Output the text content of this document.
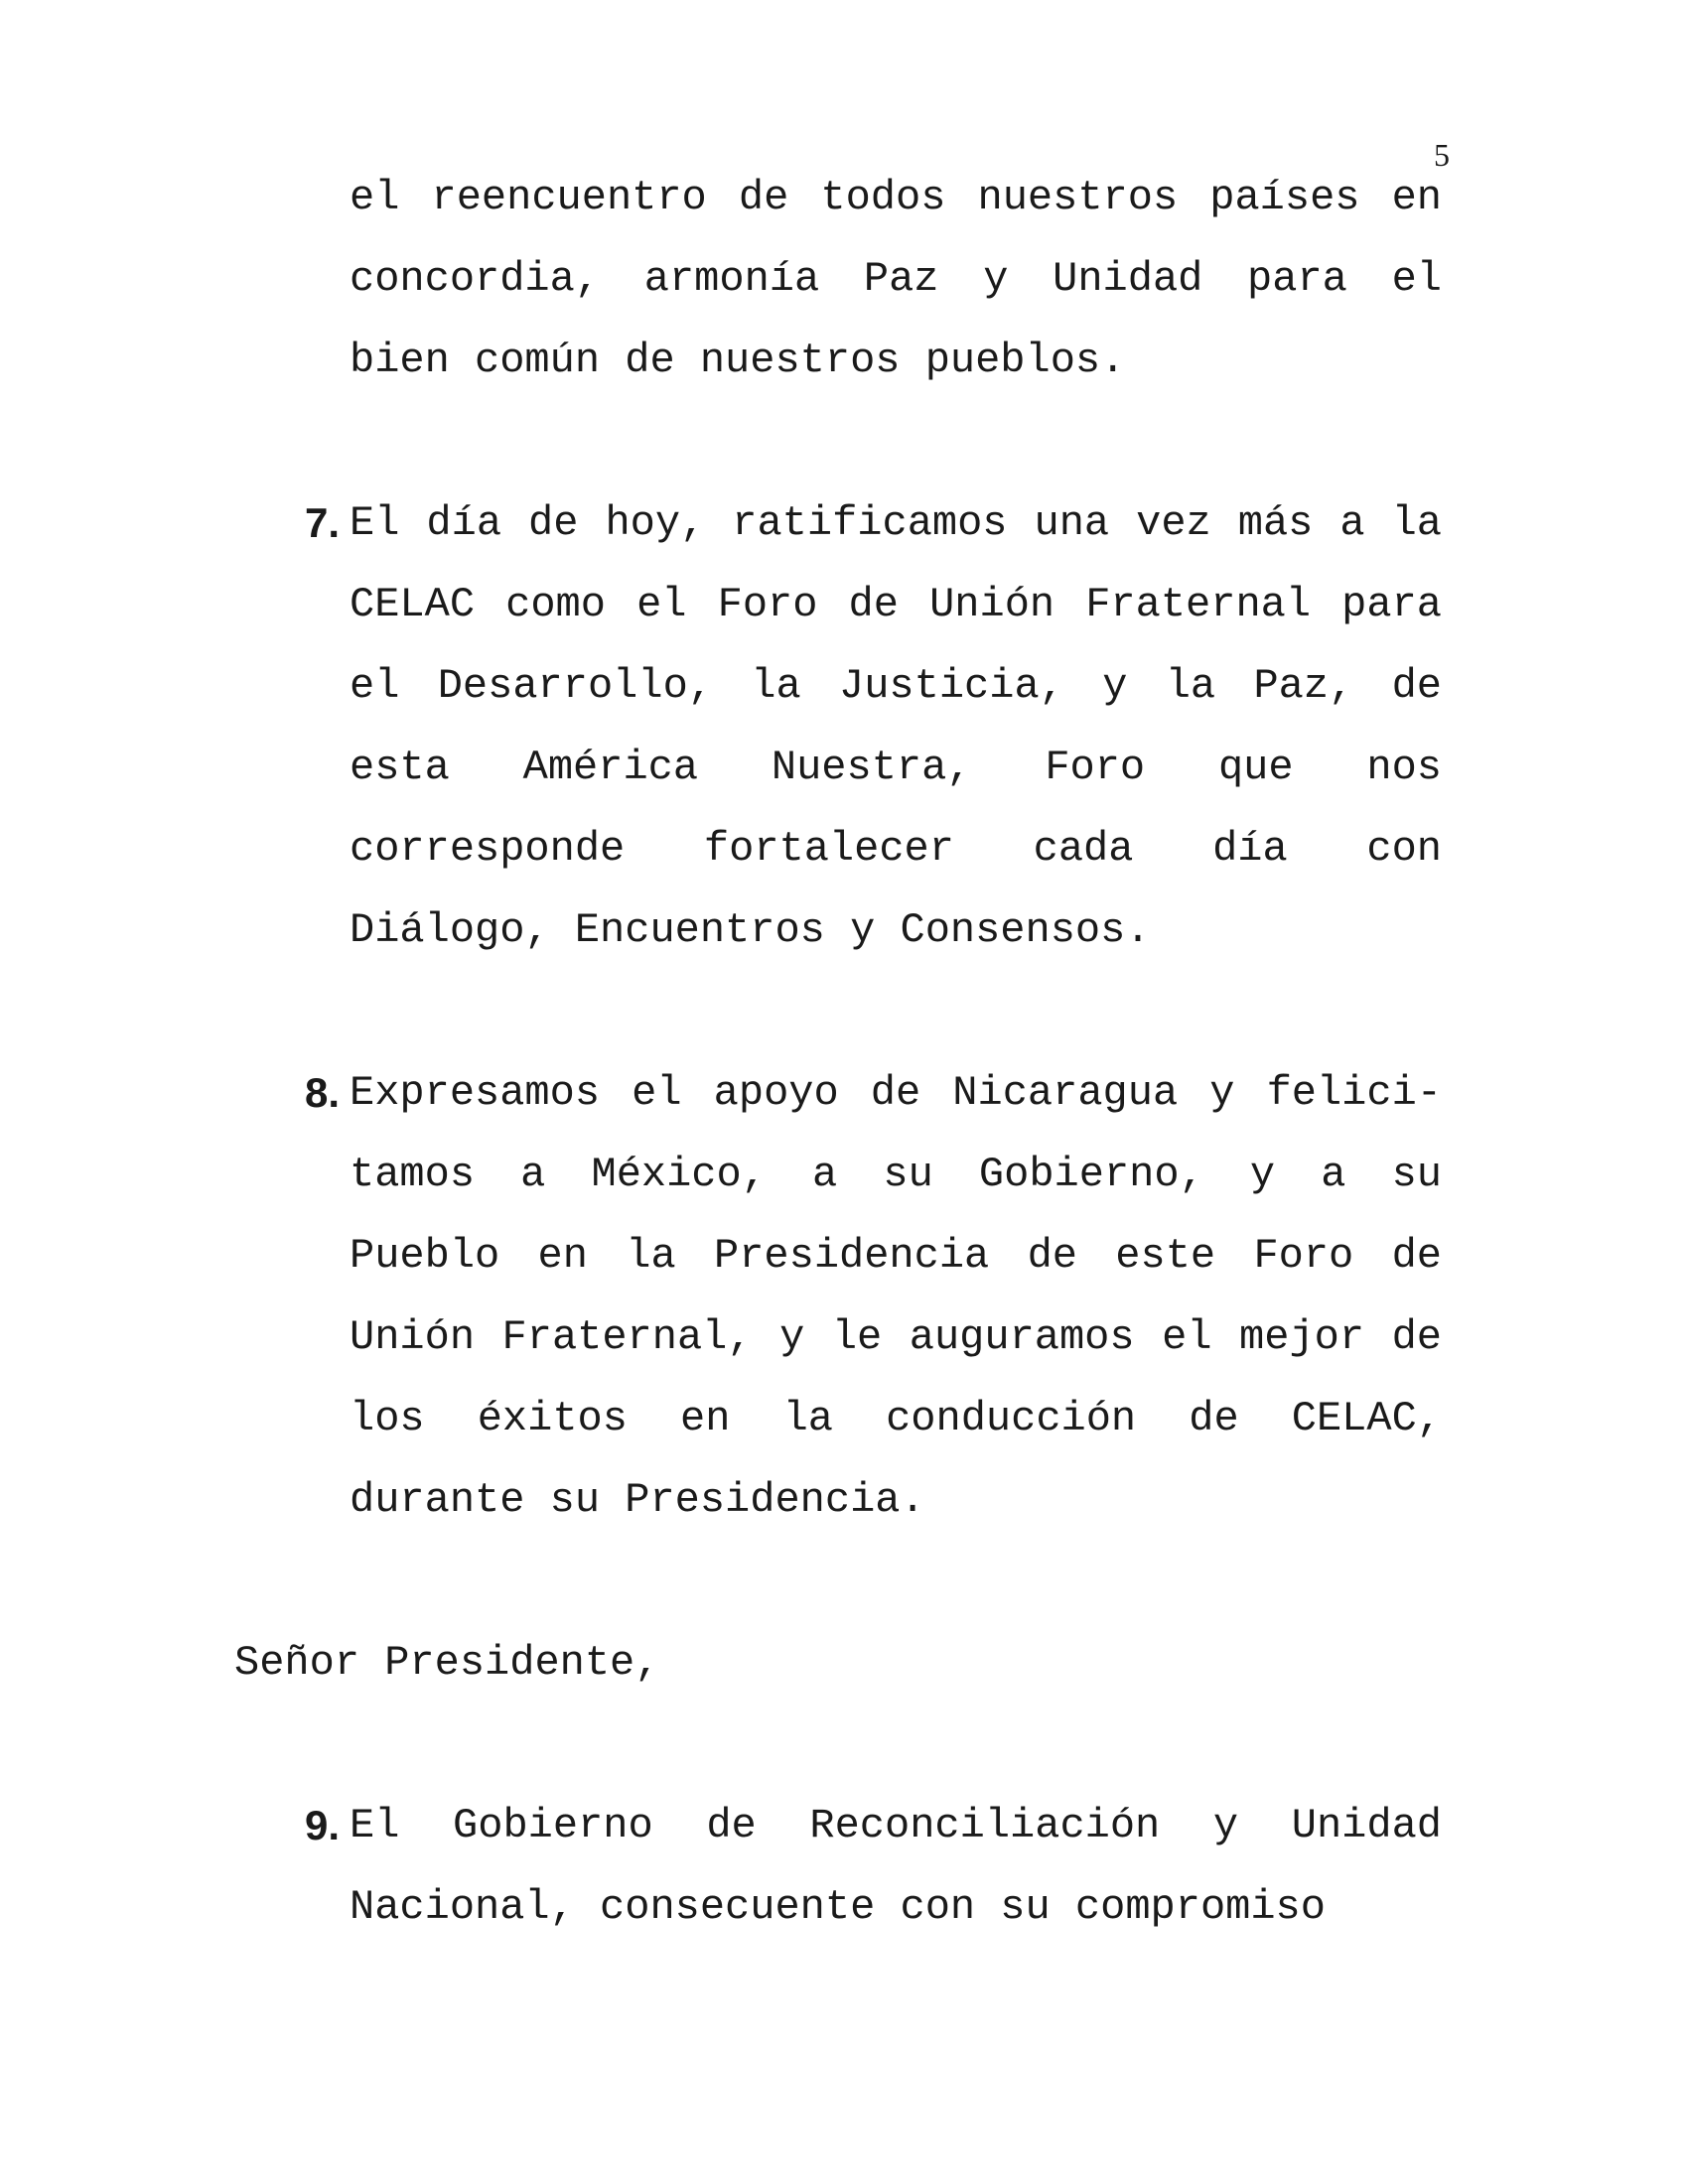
5

el reencuentro de todos nuestros países en concordia, armonía Paz y Unidad para el bien común de nuestros pueblos.

7. El día de hoy, ratificamos una vez más a la CELAC como el Foro de Unión Fraternal para el Desarrollo, la Justicia, y la Paz, de esta América Nuestra, Foro que nos corresponde fortalecer cada día con Diálogo, Encuentros y Consensos.

8. Expresamos el apoyo de Nicaragua y felici-tamos a México, a su Gobierno, y a su Pueblo en la Presidencia de este Foro de Unión Fraternal, y le auguramos el mejor de los éxitos en la conducción de CELAC, durante su Presidencia.

Señor Presidente,

9. El Gobierno de Reconciliación y Unidad Nacional, consecuente con su compromiso
